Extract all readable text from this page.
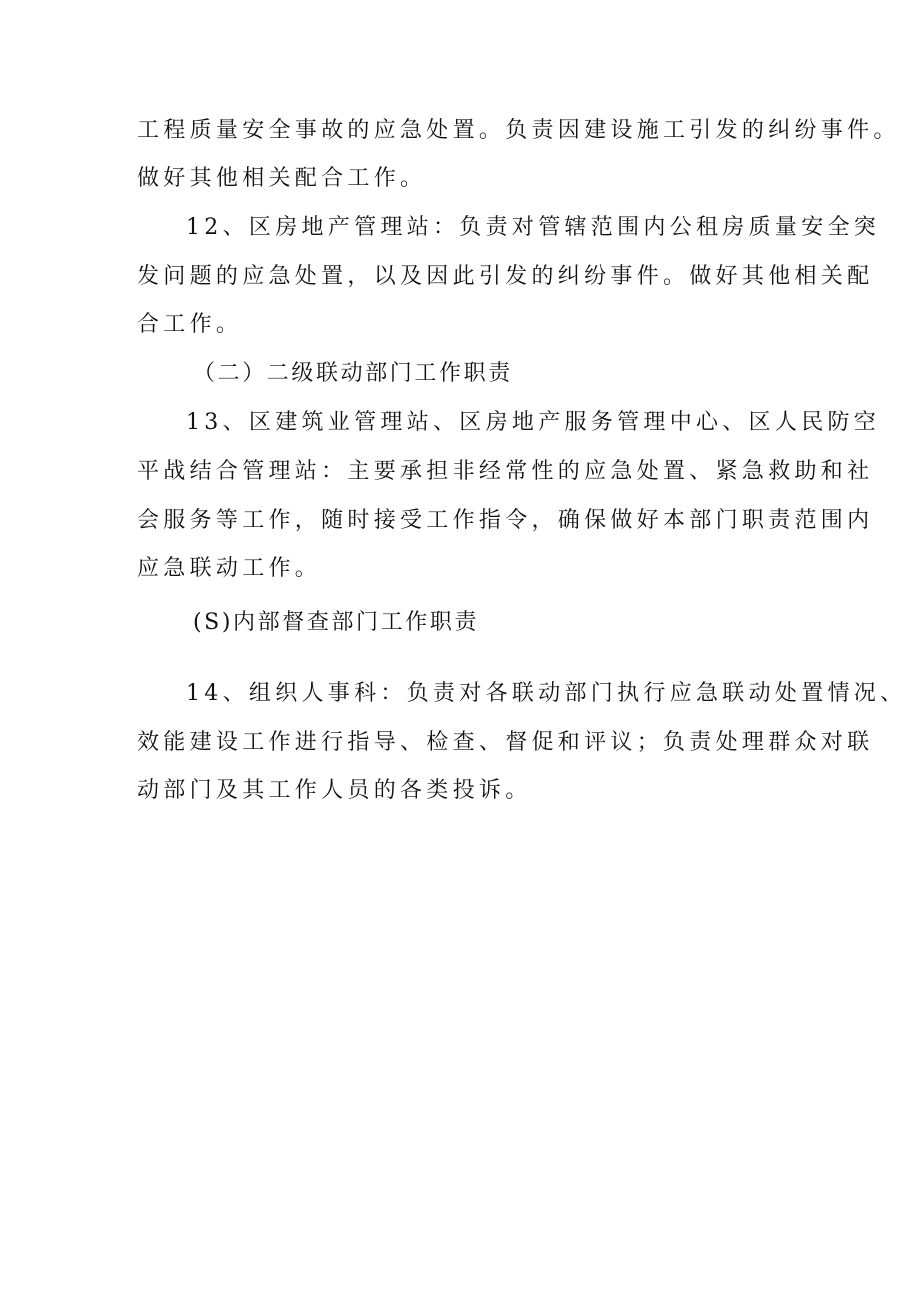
工程质量安全事故的应急处置。负责因建设施工引发的纠纷事件。
做好其他相关配合工作。
12、区房地产管理站：负责对管辖范围内公租房质量安全突
发问题的应急处置，以及因此引发的纠纷事件。做好其他相关配
合工作。
（二）二级联动部门工作职责
13、区建筑业管理站、区房地产服务管理中心、区人民防空
平战结合管理站：主要承担非经常性的应急处置、紧急救助和社
会服务等工作，随时接受工作指令，确保做好本部门职责范围内
应急联动工作。
(S)内部督查部门工作职责
14、组织人事科：负责对各联动部门执行应急联动处置情况、
效能建设工作进行指导、检查、督促和评议；负责处理群众对联
动部门及其工作人员的各类投诉。
